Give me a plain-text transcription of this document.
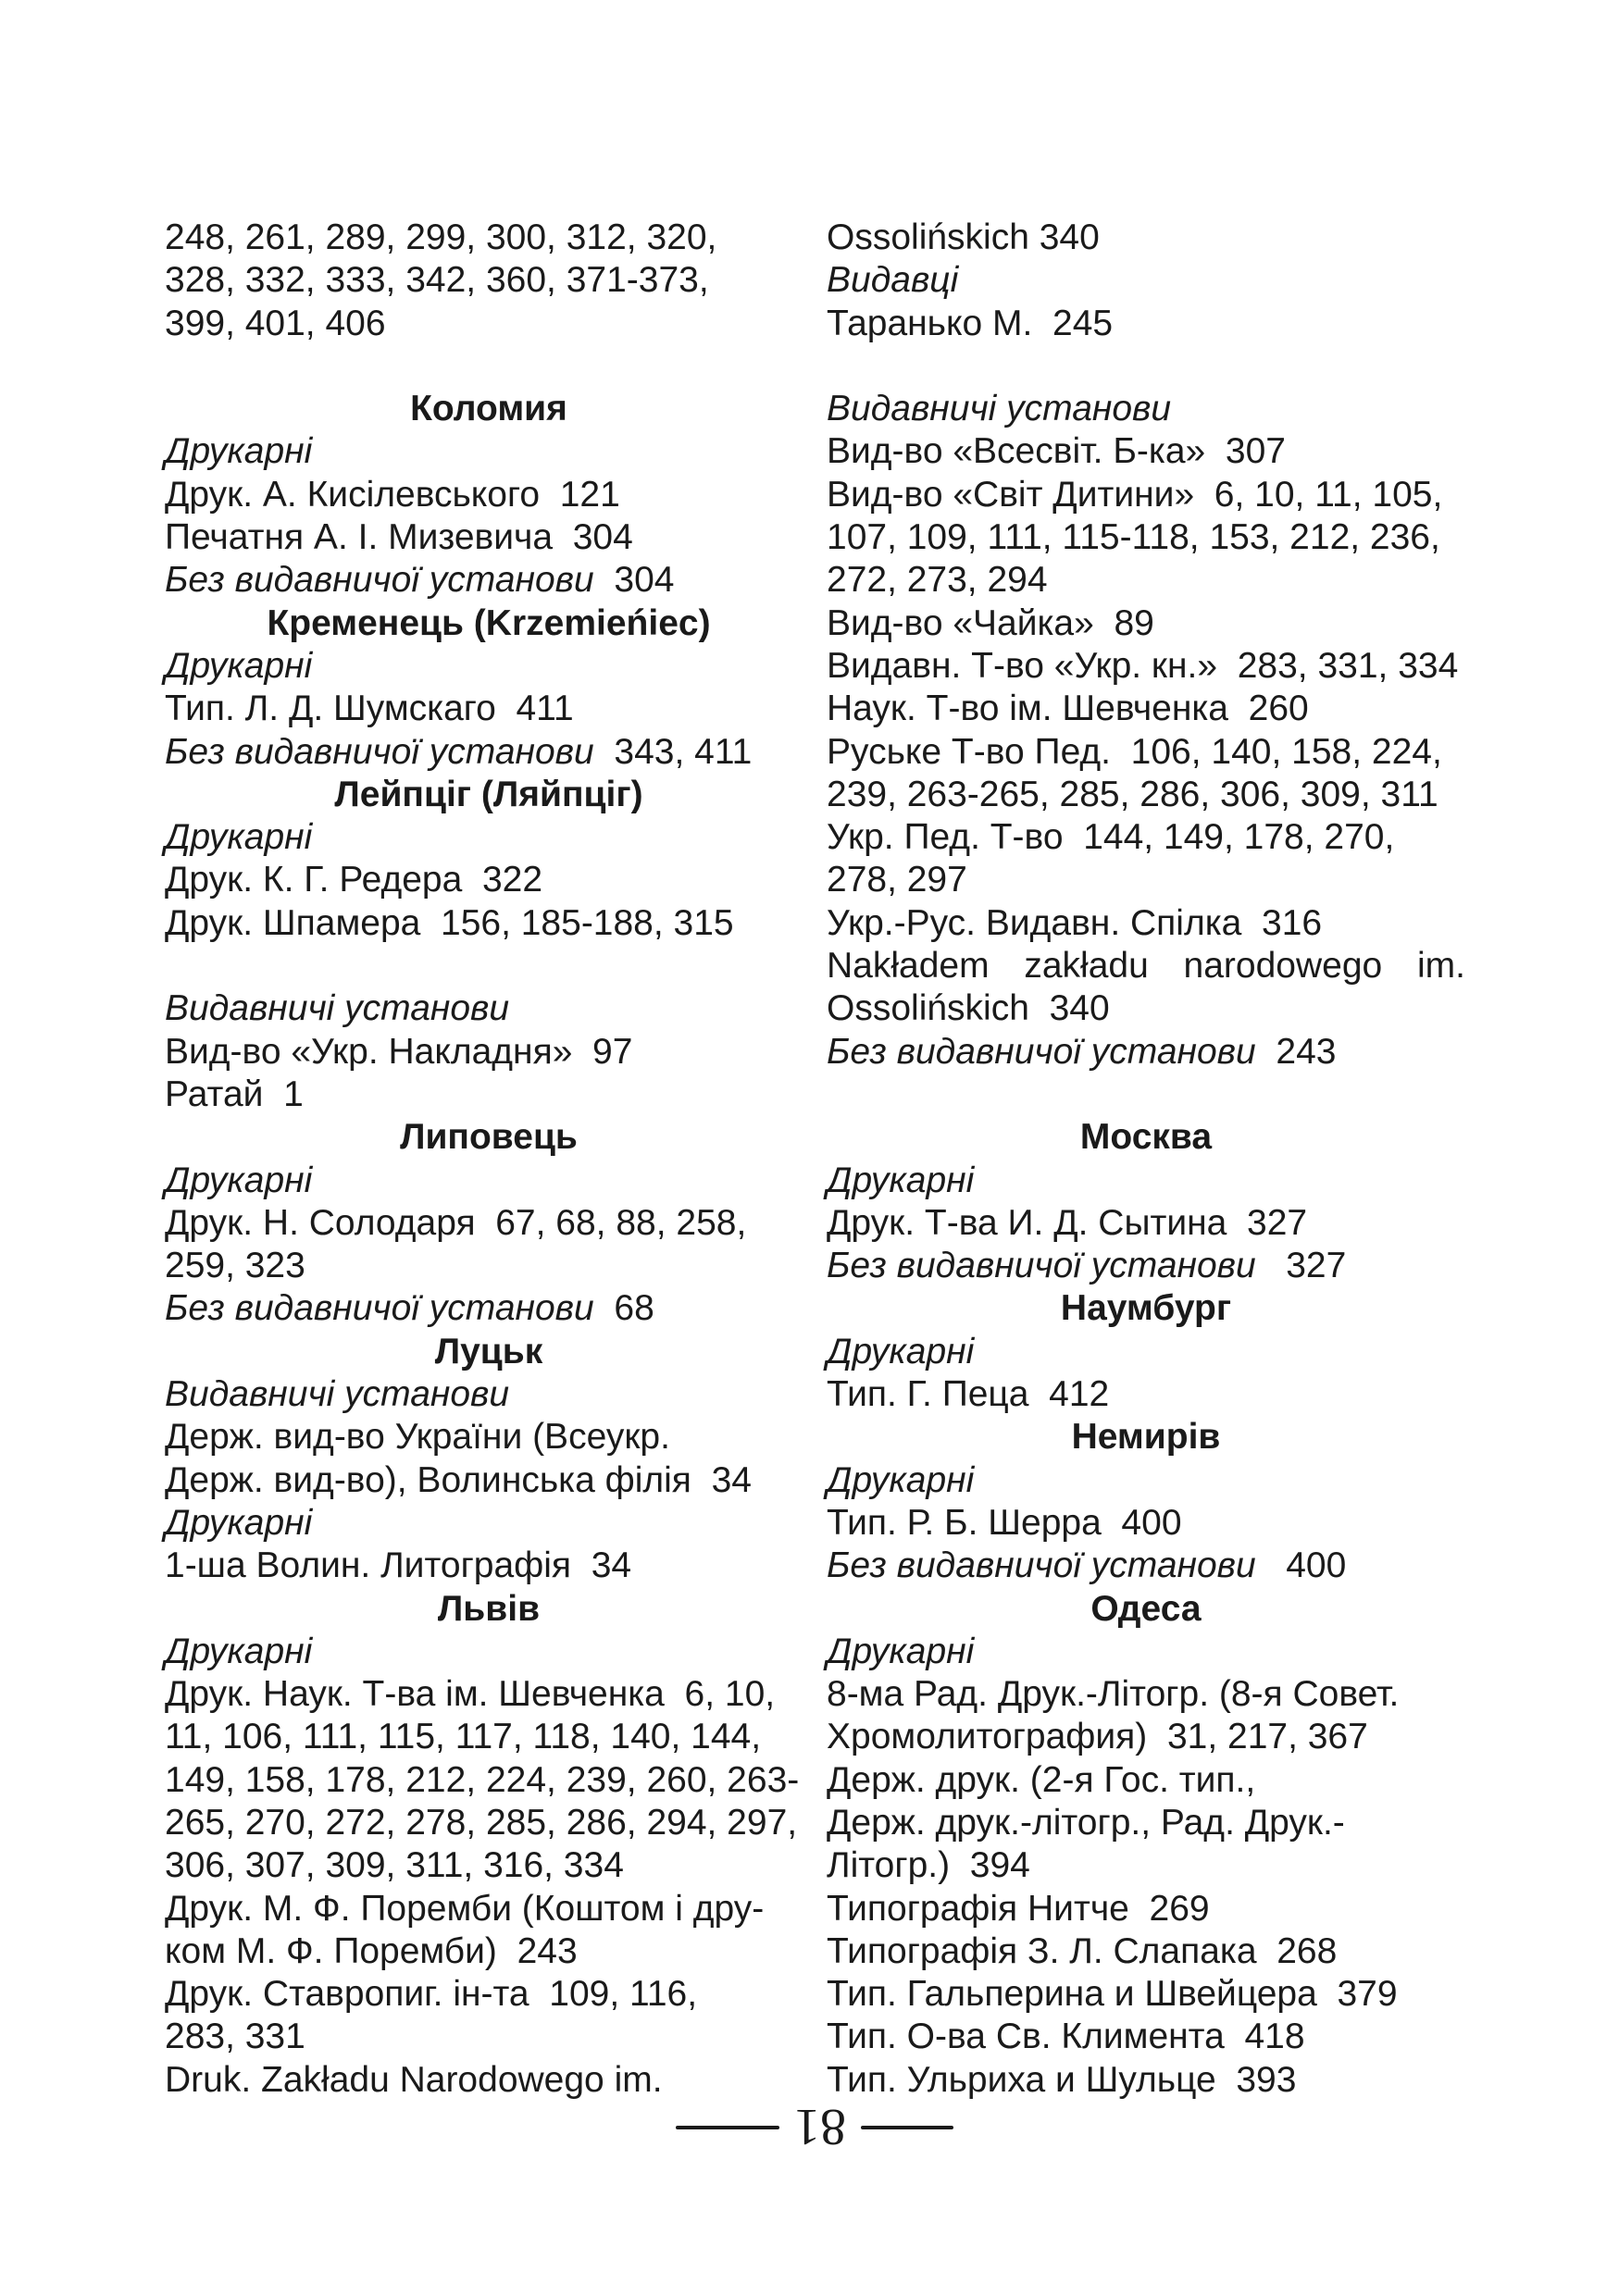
248, 261, 289, 299, 300, 312, 320,
328, 332, 333, 342, 360, 371-373,
399, 401, 406
Коломия
Друкарні
Друк. А. Кисілевського  121
Печатня А. І. Мизевича  304
Без видавничої установи  304
Кременець (Krzemieńiec)
Друкарні
Тип. Л. Д. Шумскаго  411
Без видавничої установи  343, 411
Лейпціг (Ляйпціг)
Друкарні
Друк. К. Г. Редера  322
Друк. Шпамера  156, 185-188, 315
Видавничі установи
Вид-во «Укр. Накладня»  97
Ратай  1
Липовець
Друкарні
Друк. Н. Солодаря  67, 68, 88, 258,
259, 323
Без видавничої установи  68
Луцьк
Видавничі установи
Держ. вид-во України (Всеукр.
Держ. вид-во), Волинська філія  34
Друкарні
1-ша Волин. Литографія  34
Львів
Друкарні
Друк. Наук. Т-ва ім. Шевченка  6, 10,
11, 106, 111, 115, 117, 118, 140, 144,
149, 158, 178, 212, 224, 239, 260, 263-
265, 270, 272, 278, 285, 286, 294, 297,
306, 307, 309, 311, 316, 334
Друк. М. Ф. Поремби (Коштом і дру-
ком М. Ф. Поремби)  243
Друк. Ставропиг. ін-та  109, 116,
283, 331
Druk. Zakładu Narodowego im.
Ossolińskich 340
Видавці
Таранько М.  245
Видавничі установи
Вид-во «Всесвіт. Б-ка»  307
Вид-во «Світ Дитини»  6, 10, 11, 105,
107, 109, 111, 115-118, 153, 212, 236,
272, 273, 294
Вид-во «Чайка»  89
Видавн. Т-во «Укр. кн.»  283, 331, 334
Наук. Т-во ім. Шевченка  260
Руське Т-во Пед.  106, 140, 158, 224,
239, 263-265, 285, 286, 306, 309, 311
Укр. Пед. Т-во  144, 149, 178, 270,
278, 297
Укр.-Рус. Видавн. Спілка  316
Nakładem zakładu narodowego im.
Ossolińskich  340
Без видавничої установи  243
Москва
Друкарні
Друк. Т-ва И. Д. Сытина  327
Без видавничої установи   327
Наумбург
Друкарні
Тип. Г. Пеца  412
Немирів
Друкарні
Тип. Р. Б. Шерра  400
Без видавничої установи   400
Одеса
Друкарні
8-ма Рад. Друк.-Літогр. (8-я Совет.
Хромолитография)  31, 217, 367
Держ. друк. (2-я Гос. тип.,
Держ. друк.-літогр., Рад. Друк.-
Літогр.)  394
Типографія Нитче  269
Типографія З. Л. Слапака  268
Тип. Гальперина и Швейцера  379
Тип. О-ва Св. Климента  418
Тип. Ульриха и Шульце  393
81
